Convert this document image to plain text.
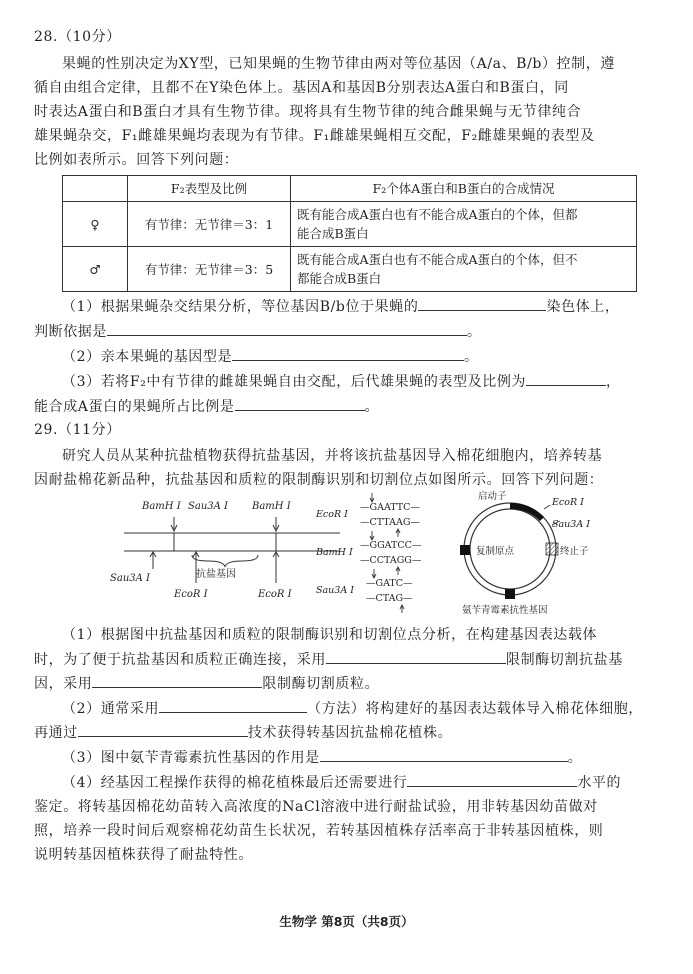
28.（10分）
果蝇的性别决定为XY型，已知果蝇的生物节律由两对等位基因（A/a、B/b）控制，遵
循自由组合定律，且都不在Y染色体上。基因A和基因B分别表达A蛋白和B蛋白，同
时表达A蛋白和B蛋白才具有生物节律。现将具有生物节律的纯合雌果蝇与无节律纯合
雄果蝇杂交，F₁雌雄果蝇均表现为有节律。F₁雌雄果蝇相互交配，F₂雌雄果蝇的表型及
比例如表所示。回答下列问题：
	F₂表型及比例	F₂个体A蛋白和B蛋白的合成情况
♀	有节律：无节律＝3：1	既有能合成A蛋白也有不能合成A蛋白的个体，但都
能合成B蛋白

♂	有节律：无节律＝3：5	既有能合成A蛋白也有不能合成A蛋白的个体，但不
都能合成B蛋白
（1）根据果蝇杂交结果分析，等位基因B/b位于果蝇的	染色体上，
判断依据是	。
（2）亲本果蝇的基因型是	。
（3）若将F₂中有节律的雌雄果蝇自由交配，后代雄果蝇的表型及比例为	，
能合成A蛋白的果蝇所占比例是	。
29.（11分）
研究人员从某种抗盐植物获得抗盐基因，并将该抗盐基因导入棉花细胞内，培养转基
因耐盐棉花新品种，抗盐基因和质粒的限制酶识别和切割位点如图所示。回答下列问题：
BamH Ⅰ Sau3A Ⅰ BamH Ⅰ
Sau3A Ⅰ
EcoR Ⅰ	EcoR Ⅰ
抗盐基因
EcoR Ⅰ
—GAATTC—
—CTTAAG—
BamH Ⅰ
—GGATCC—
—CCTAGG—
Sau3A Ⅰ
—GATC—
—CTAG—
启动子
EcoR Ⅰ
Sau3A Ⅰ
复制原点	终止子
氨苄青霉素抗性基因
（1）根据图中抗盐基因和质粒的限制酶识别和切割位点分析，在构建基因表达载体
时，为了便于抗盐基因和质粒正确连接，采用	限制酶切割抗盐基
因，采用	限制酶切割质粒。
（2）通常采用	（方法）将构建好的基因表达载体导入棉花体细胞，
再通过	技术获得转基因抗盐棉花植株。
（3）图中氨苄青霉素抗性基因的作用是	。
（4）经基因工程操作获得的棉花植株最后还需要进行	水平的
鉴定。将转基因棉花幼苗转入高浓度的NaCl溶液中进行耐盐试验，用非转基因幼苗做对
照，培养一段时间后观察棉花幼苗生长状况，若转基因植株存活率高于非转基因植株，则
说明转基因植株获得了耐盐特性。
生物学 第8页（共8页）
